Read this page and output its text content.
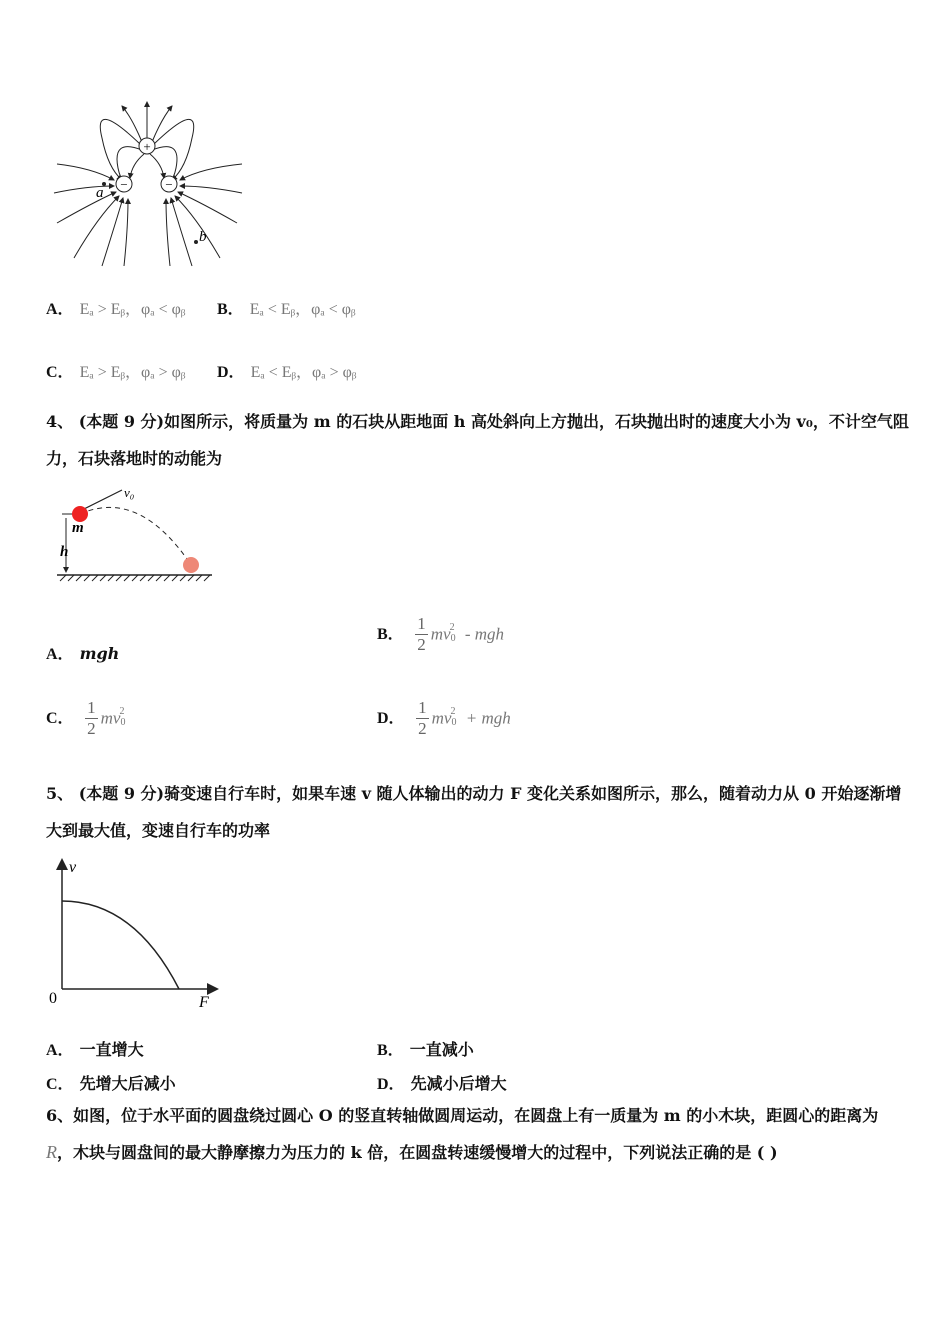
+
−	−
a
b
A． Eₐ > Eᵦ，φₐ < φᵦ B． Eₐ < Eᵦ，φₐ < φᵦ
C． Eₐ > Eᵦ，φₐ > φᵦ D． Eₐ < Eᵦ，φₐ > φᵦ
4、 (本题 9 分)如图所示，将质量为 m 的石块从距地面 h 高处斜向上方抛出，石块抛出时的速度大小为 v₀，不计空气阻
力，石块落地时的动能为
v₀
m
h
A． mgh
B． $\frac{1}{2} mv_0^2$ - mgh
C． $\frac{1}{2} mv_0^2$	D． $\frac{1}{2} mv_0^2$ + mgh
5、 (本题 9 分)骑变速自行车时，如果车速 v 随人体输出的动力 F 变化关系如图所示，那么，随着动力从 0 开始逐渐增
大到最大值，变速自行车的功率
v
F
0
A． 一直增大	B． 一直减小
C． 先增大后减小	D． 先减小后增大
6、如图，位于水平面的圆盘绕过圆心 O 的竖直转轴做圆周运动，在圆盘上有一质量为 m 的小木块，距圆心的距离为
R，木块与圆盘间的最大静摩擦力为压力的 k 倍，在圆盘转速缓慢增大的过程中，下列说法正确的是 ( )
